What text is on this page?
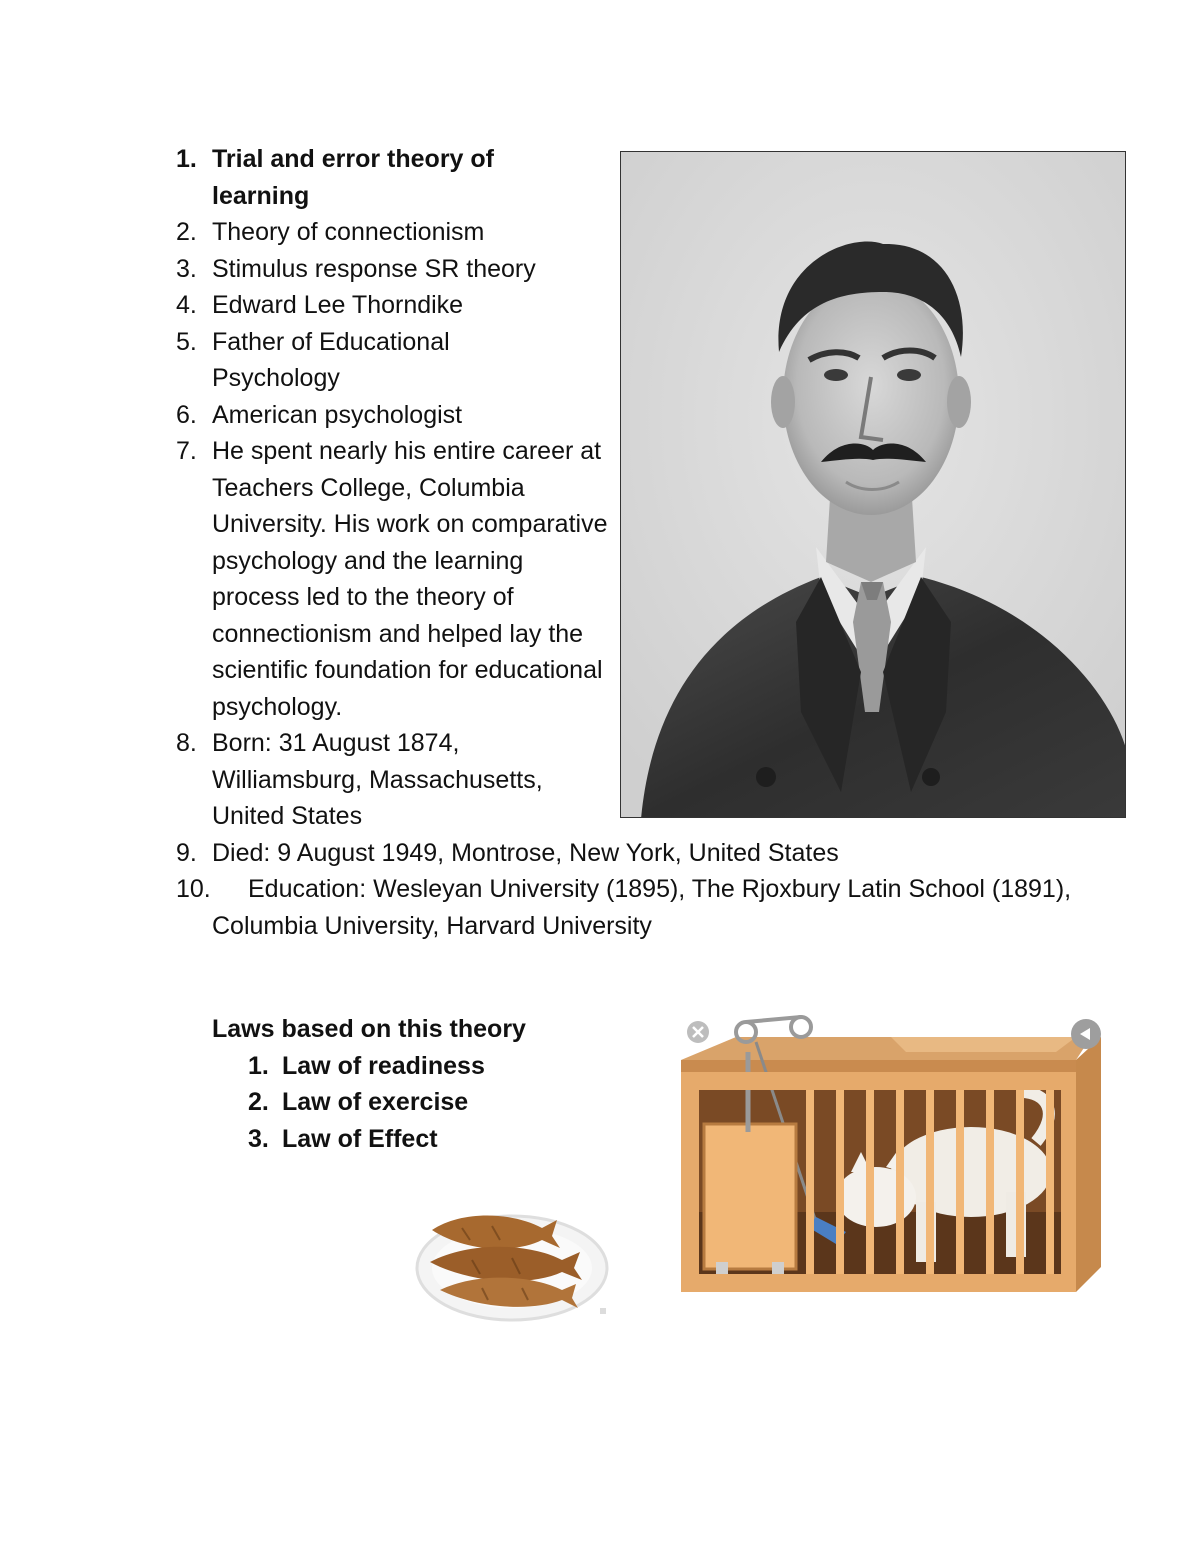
1. Trial and error theory of learning
2. Theory of connectionism
3. Stimulus response SR theory
4. Edward Lee Thorndike
5. Father of Educational Psychology
6. American psychologist
7. He spent nearly his entire career at Teachers College, Columbia University. His work on comparative psychology and the learning process led to the theory of connectionism and helped lay the scientific foundation for educational psychology.
8. Born: 31 August 1874, Williamsburg, Massachusetts, United States
9. Died: 9 August 1949, Montrose, New York, United States
10.	Education: Wesleyan University (1895), The Rjoxbury Latin School (1891), Columbia University, Harvard University
Laws based on this theory
1. Law of readiness
2. Law of exercise
3. Law of Effect
